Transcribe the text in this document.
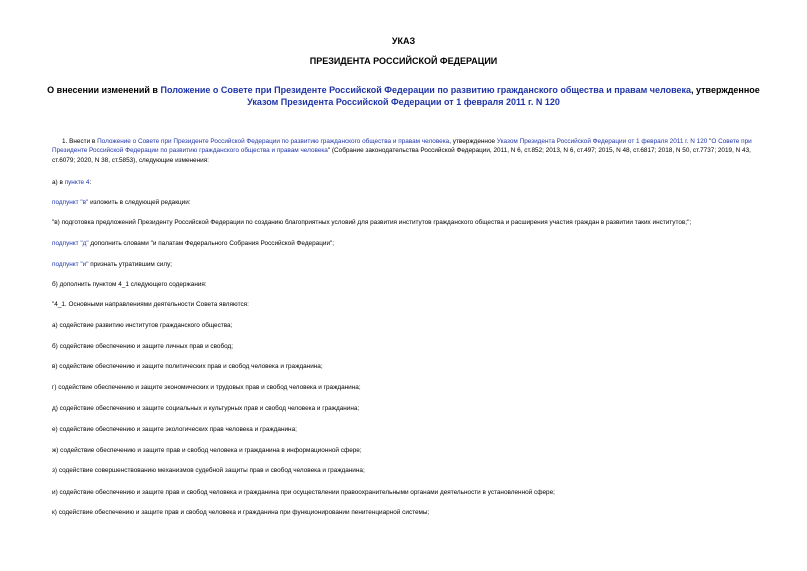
УКАЗ
ПРЕЗИДЕНТА РОССИЙСКОЙ ФЕДЕРАЦИИ
О внесении изменений в Положение о Совете при Президенте Российской Федерации по развитию гражданского общества и правам человека, утвержденное
Указом Президента Российской Федерации от 1 февраля 2011 г. N 120
1. Внести в Положение о Совете при Президенте Российской Федерации по развитию гражданского общества и правам человека, утвержденное Указом Президента Российской Федерации от 1 февраля 2011 г. N 120 "О Совете при Президенте Российской Федерации по развитию гражданского общества и правам человека" (Собрание законодательства Российской Федерации, 2011, N 6, ст.852; 2013, N 6, ст.497; 2015, N 48, ст.6817; 2018, N 50, ст.7737; 2019, N 43, ст.6079; 2020, N 38, ст.5853), следующие изменения:
а) в пункте 4:
подпункт "в" изложить в следующей редакции:
"в) подготовка предложений Президенту Российской Федерации по созданию благоприятных условий для развития институтов гражданского общества и расширения участия граждан в развитии таких институтов;";
подпункт "д" дополнить словами "и палатам Федерального Собрания Российской Федерации";
подпункт "и" признать утратившим силу;
б) дополнить пунктом 4_1 следующего содержания:
"4_1. Основными направлениями деятельности Совета являются:
а) содействие развитию институтов гражданского общества;
б) содействие обеспечению и защите личных прав и свобод;
в) содействие обеспечению и защите политических прав и свобод человека и гражданина;
г) содействие обеспечению и защите экономических и трудовых прав и свобод человека и гражданина;
д) содействие обеспечению и защите социальных и культурных прав и свобод человека и гражданина;
е) содействие обеспечению и защите экологических прав человека и гражданина;
ж) содействие обеспечению и защите прав и свобод человека и гражданина в информационной сфере;
з) содействие совершенствованию механизмов судебной защиты прав и свобод человека и гражданина;
и) содействие обеспечению и защите прав и свобод человека и гражданина при осуществлении правоохранительными органами деятельности в установленной сфере;
к) содействие обеспечению и защите прав и свобод человека и гражданина при функционировании пенитенциарной системы;
